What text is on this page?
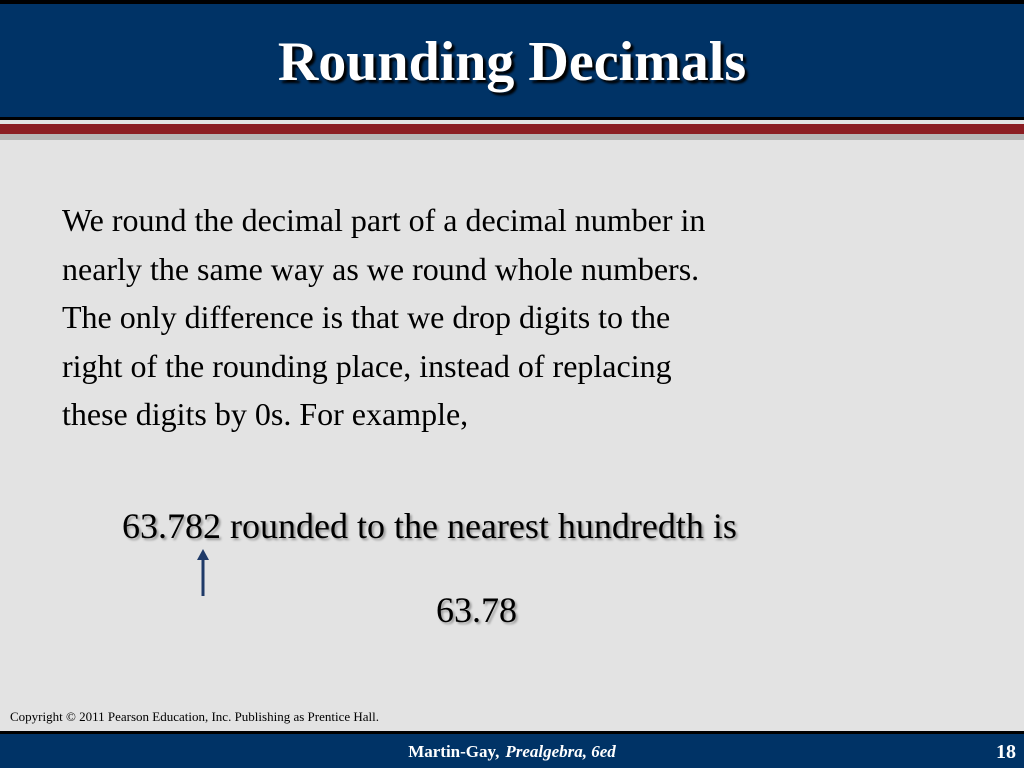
Rounding Decimals
We round the decimal part of a decimal number in
nearly the same way as we round whole numbers.
The only difference is that we drop digits to the
right of the rounding place, instead of replacing
these digits by 0s. For example,
63.782 rounded to the nearest hundredth is
63.78
Copyright © 2011 Pearson Education, Inc. Publishing as Prentice Hall.
Martin-Gay, Prealgebra, 6ed	18
